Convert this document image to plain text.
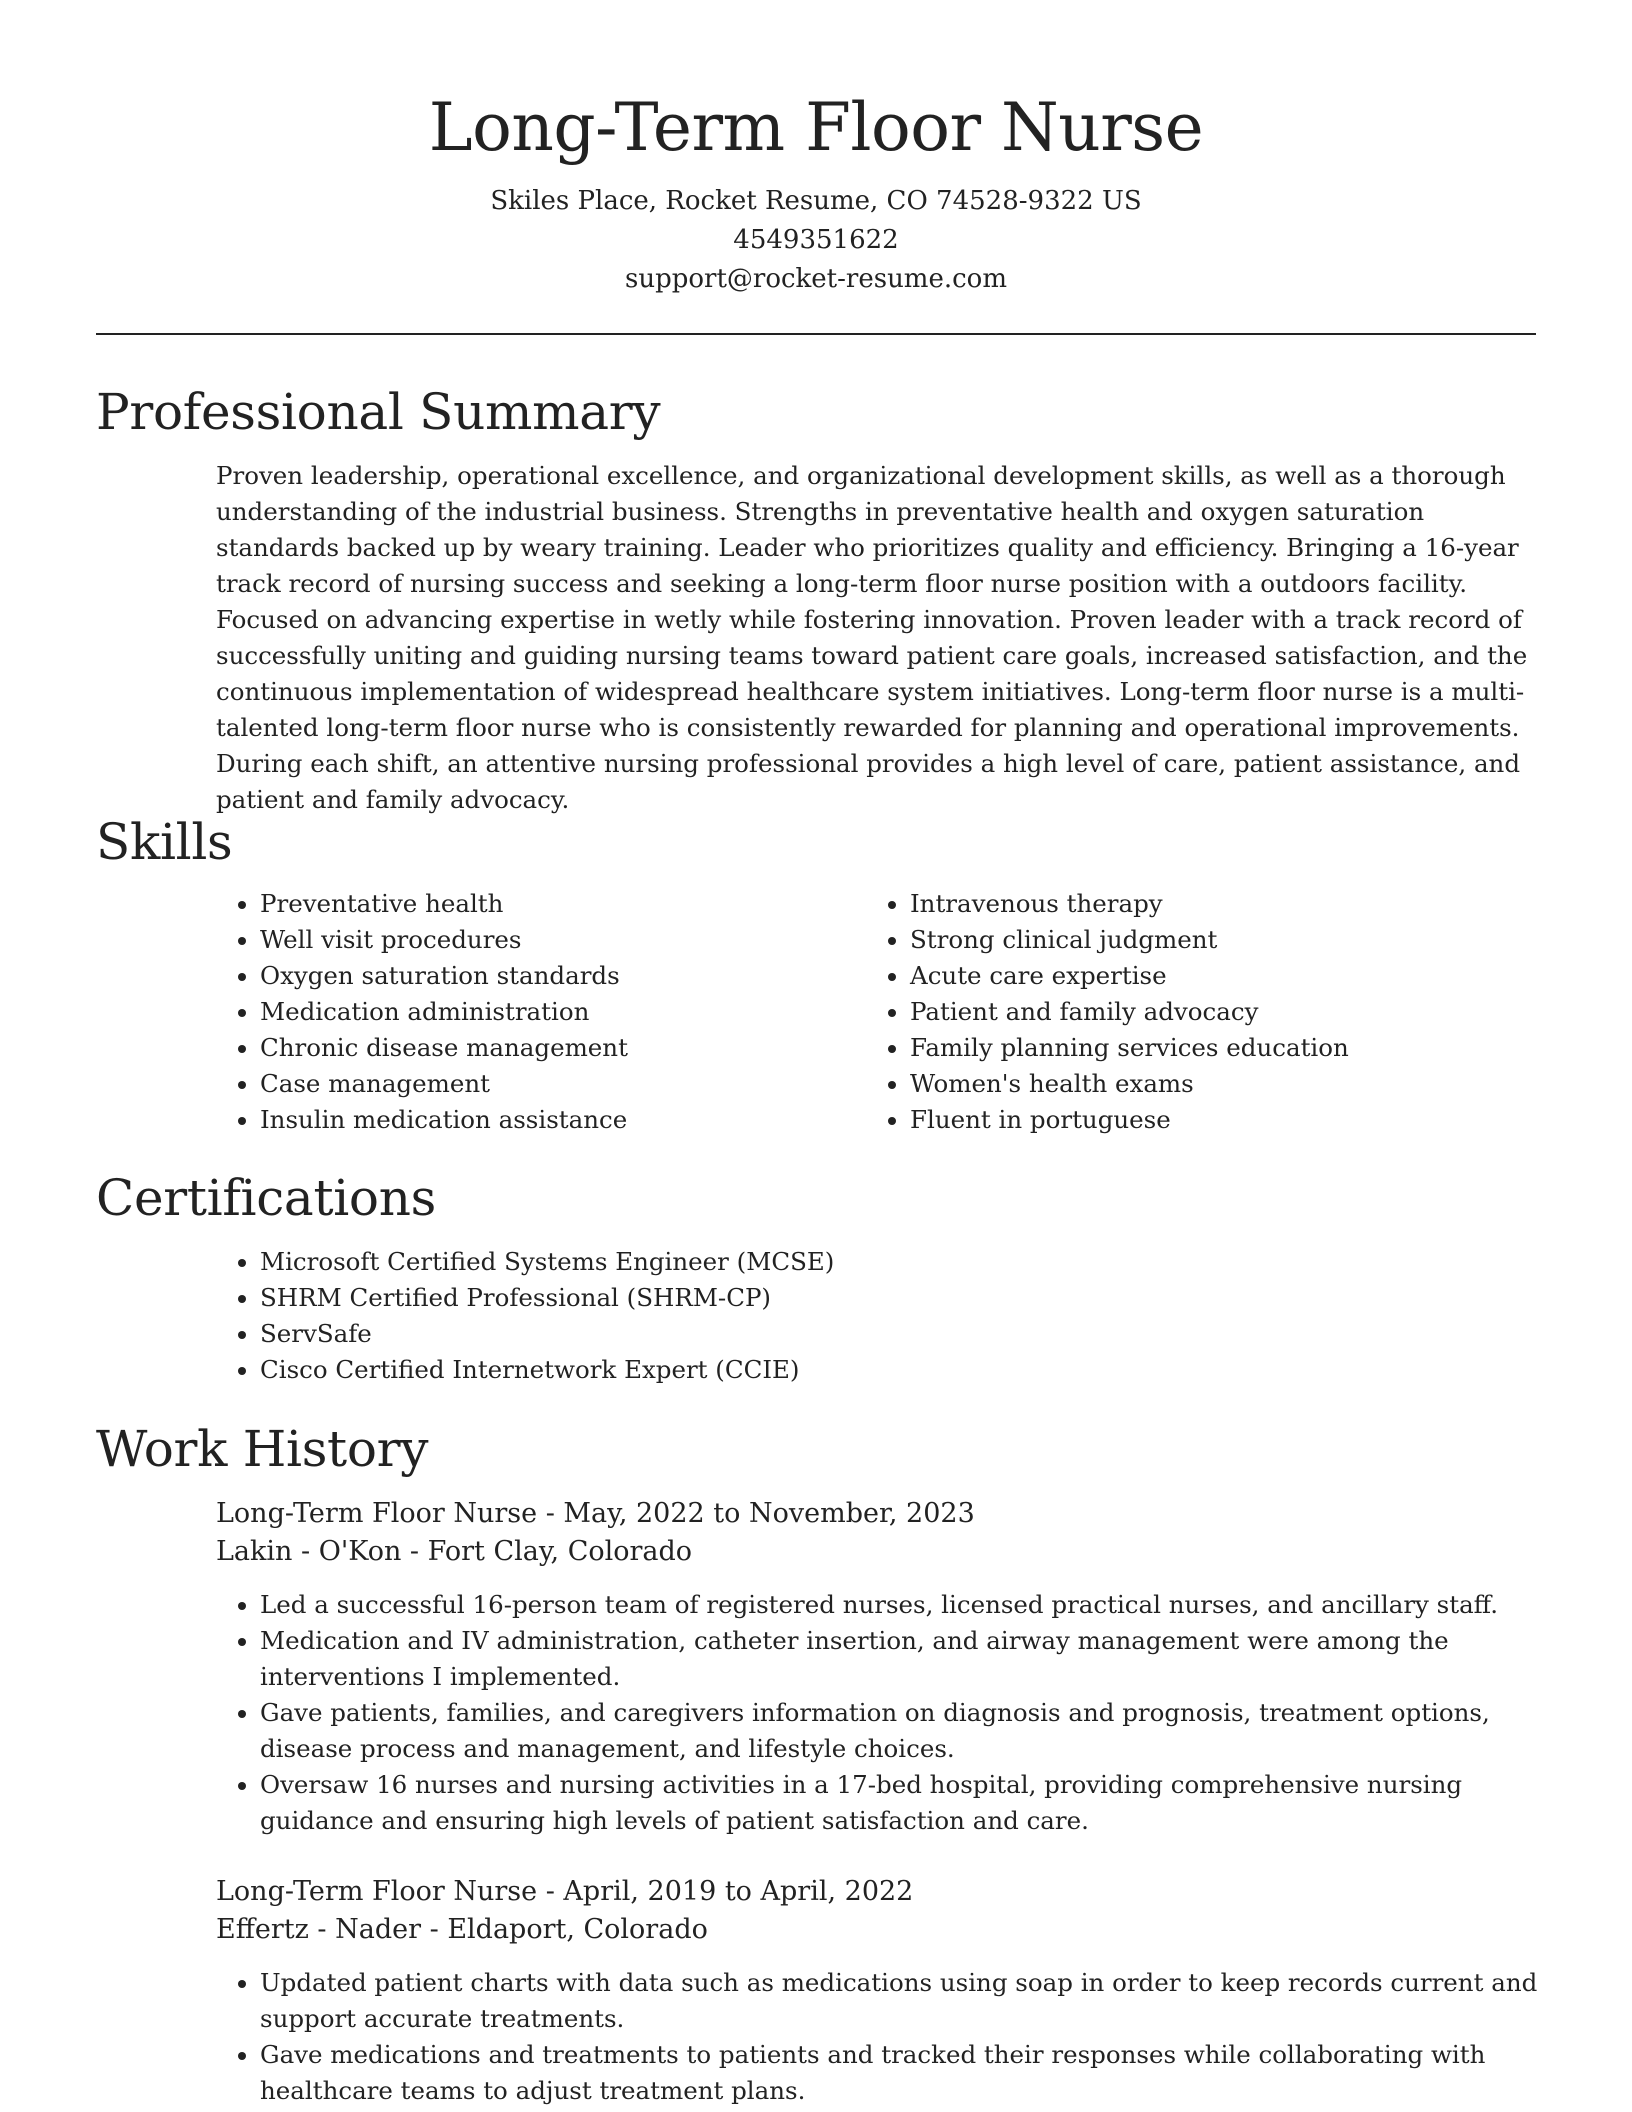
Long-Term Floor Nurse

Skiles Place, Rocket Resume, CO 74528-9322 US

4549351622

support@rocket-resume.com

Professional Summary

Proven leadership, operational excellence, and organizational development skills, as well as a thorough understanding of the industrial business. Strengths in preventative health and oxygen saturation standards backed up by weary training. Leader who prioritizes quality and efficiency. Bringing a 16-year track record of nursing success and seeking a long-term floor nurse position with a outdoors facility. Focused on advancing expertise in wetly while fostering innovation. Proven leader with a track record of successfully uniting and guiding nursing teams toward patient care goals, increased satisfaction, and the continuous implementation of widespread healthcare system initiatives. Long-term floor nurse is a multi-talented long-term floor nurse who is consistently rewarded for planning and operational improvements. During each shift, an attentive nursing professional provides a high level of care, patient assistance, and patient and family advocacy.

Skills
• Preventative health
• Well visit procedures
• Oxygen saturation standards
• Medication administration
• Chronic disease management
• Case management
• Insulin medication assistance
• Intravenous therapy
• Strong clinical judgment
• Acute care expertise
• Patient and family advocacy
• Family planning services education
• Women's health exams
• Fluent in portuguese
Certifications
• Microsoft Certified Systems Engineer (MCSE)
• SHRM Certified Professional (SHRM-CP)
• ServSafe
• Cisco Certified Internetwork Expert (CCIE)
Work History

Long-Term Floor Nurse - May, 2022 to November, 2023

Lakin - O'Kon - Fort Clay, Colorado

• Led a successful 16-person team of registered nurses, licensed practical nurses, and ancillary staff.
• Medication and IV administration, catheter insertion, and airway management were among the interventions I implemented.
• Gave patients, families, and caregivers information on diagnosis and prognosis, treatment options, disease process and management, and lifestyle choices.
• Oversaw 16 nurses and nursing activities in a 17-bed hospital, providing comprehensive nursing guidance and ensuring high levels of patient satisfaction and care.

Long-Term Floor Nurse - April, 2019 to April, 2022

Effertz - Nader - Eldaport, Colorado

• Updated patient charts with data such as medications using soap in order to keep records current and support accurate treatments.
• Gave medications and treatments to patients and tracked their responses while collaborating with healthcare teams to adjust treatment plans.
